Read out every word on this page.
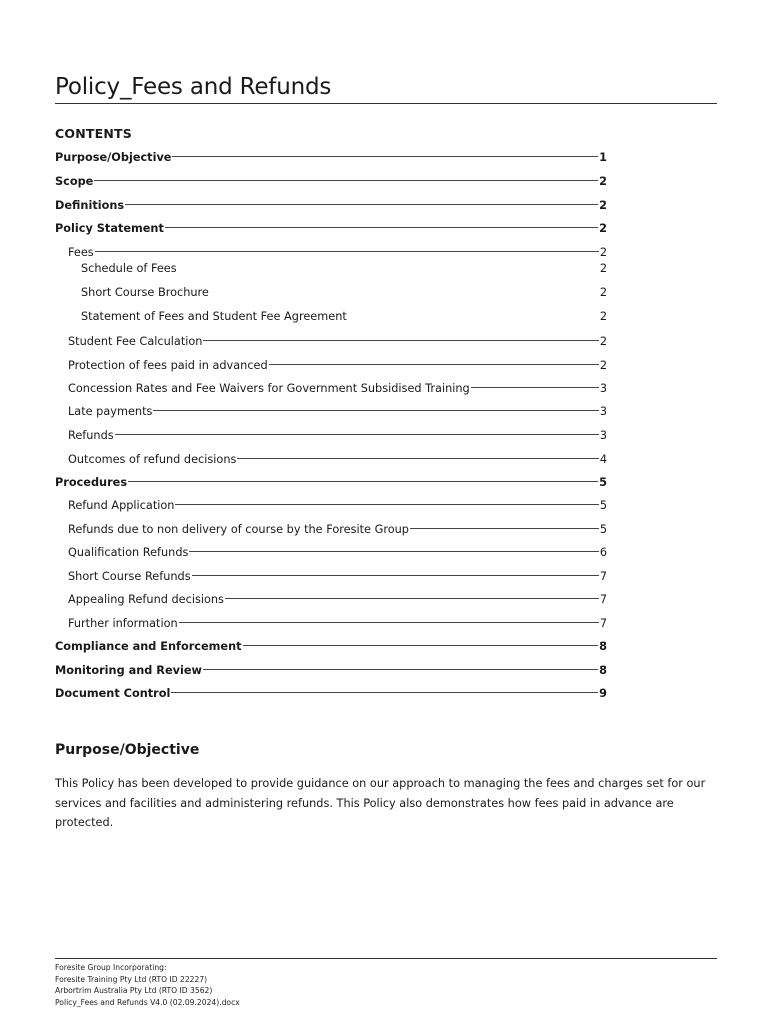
Policy_Fees and Refunds
CONTENTS
Purpose/Objective	1
Scope	2
Definitions	2
Policy Statement	2
Fees	2
Schedule of Fees	2
Short Course Brochure	2
Statement of Fees and Student Fee Agreement	2
Student Fee Calculation	2
Protection of fees paid in advanced	2
Concession Rates and Fee Waivers for Government Subsidised Training	3
Late payments	3
Refunds	3
Outcomes of refund decisions	4
Procedures	5
Refund Application	5
Refunds due to non delivery of course by the Foresite Group	5
Qualification Refunds	6
Short Course Refunds	7
Appealing Refund decisions	7
Further information	7
Compliance and Enforcement	8
Monitoring and Review	8
Document Control	9
Purpose/Objective
This Policy has been developed to provide guidance on our approach to managing the fees and charges set for our services and facilities and administering refunds. This Policy also demonstrates how fees paid in advance are protected.
Foresite Group Incorporating:
Foresite Training Pty Ltd (RTO ID 22227)
Arbortrim Australia Pty Ltd (RTO ID 3562)
Policy_Fees and Refunds V4.0 (02.09.2024).docx
